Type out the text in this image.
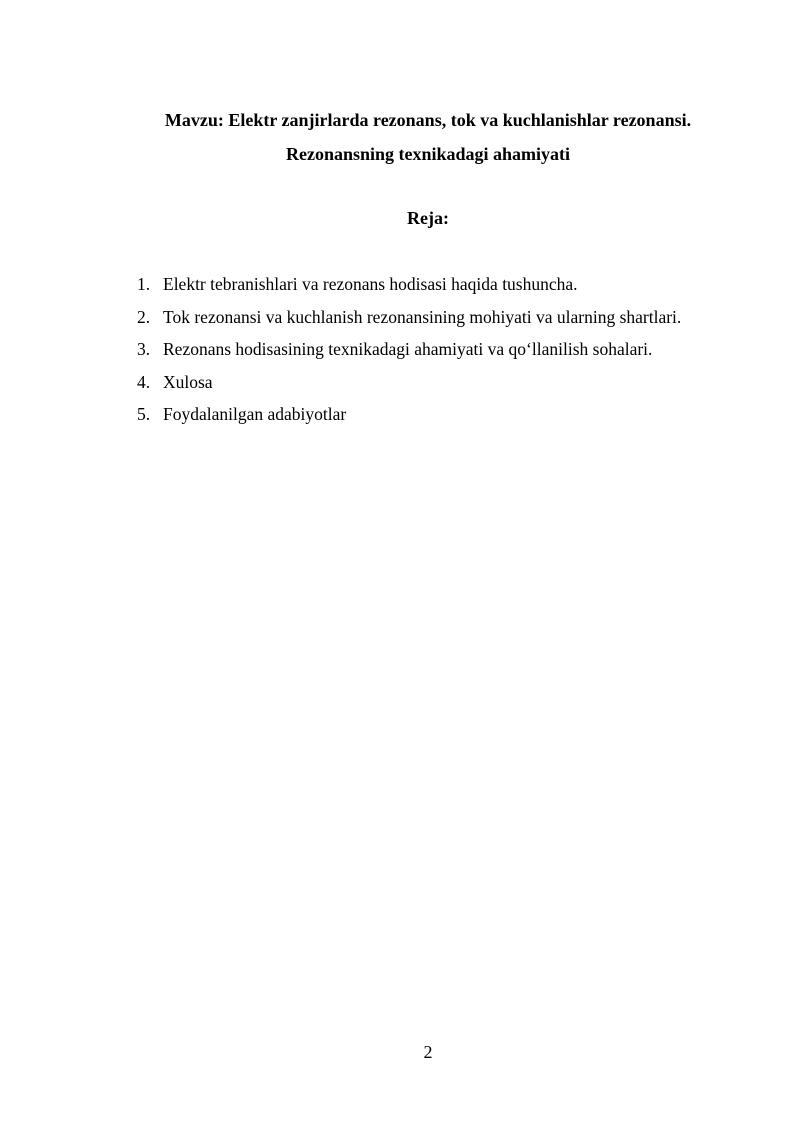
Mavzu: Elektr zanjirlarda rezonans, tok va kuchlanishlar rezonansi.
Rezonansning texnikadagi ahamiyati
Reja:
1. Elektr tebranishlari va rezonans hodisasi haqida tushuncha.
2. Tok rezonansi va kuchlanish rezonansining mohiyati va ularning shartlari.
3. Rezonans hodisasining texnikadagi ahamiyati va qo‘llanilish sohalari.
4. Xulosa
5. Foydalanilgan adabiyotlar
2
